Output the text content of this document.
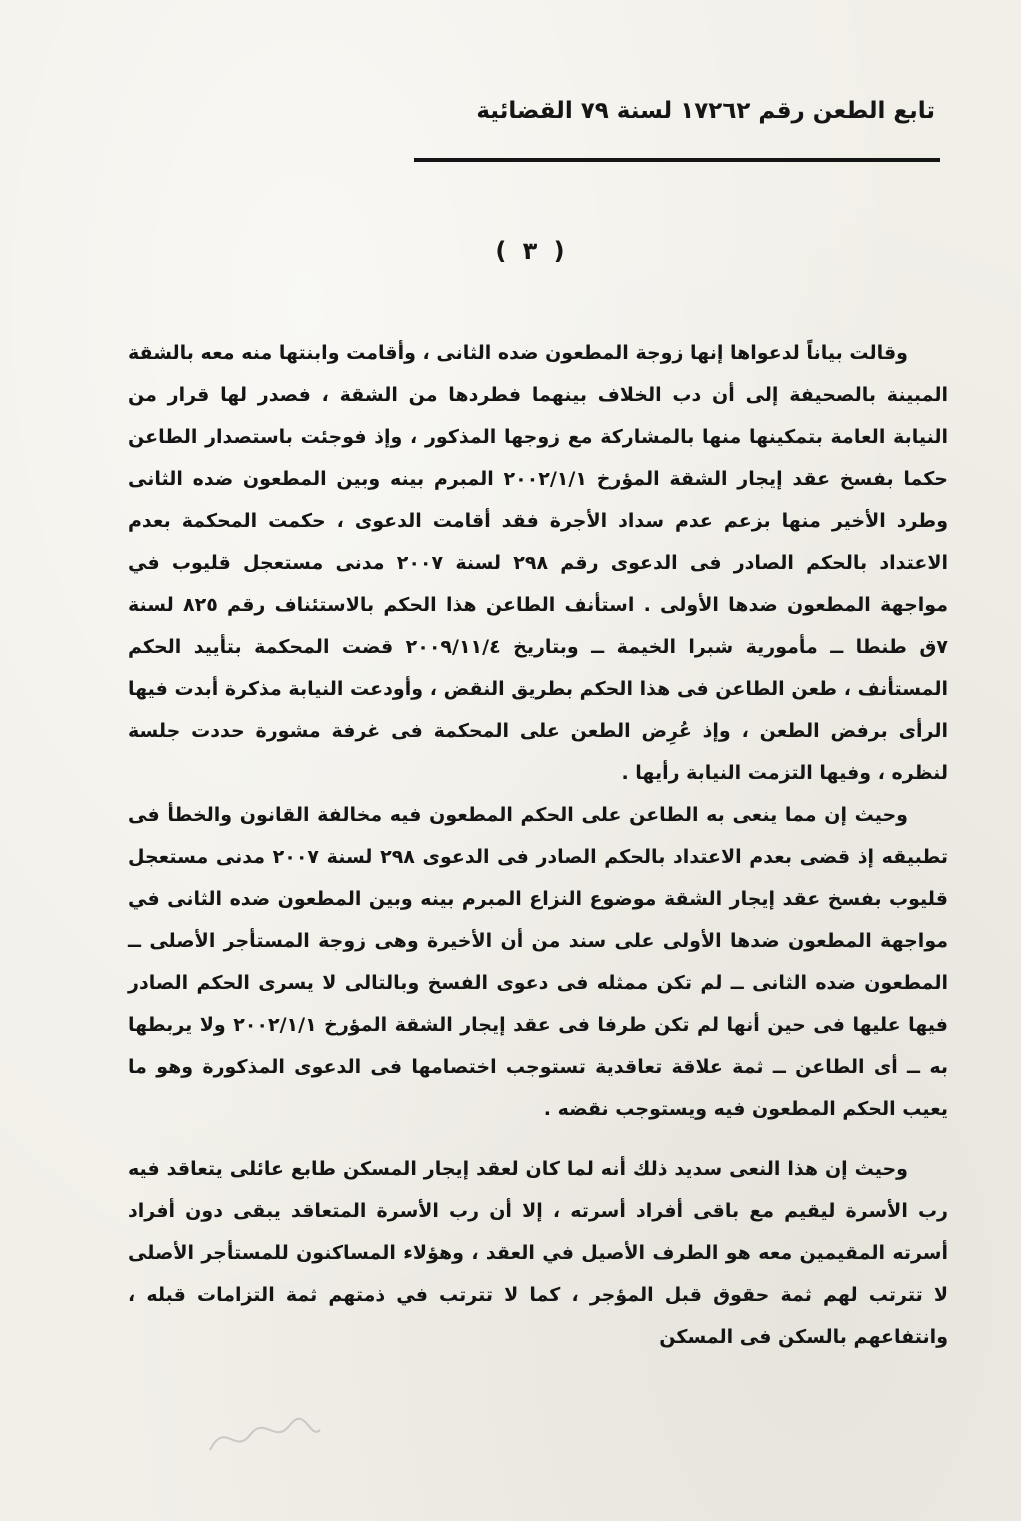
تابع الطعن رقم ١٧٢٦٢ لسنة ٧٩ القضائية
( ٣ )

وقالت بياناً لدعواها إنها زوجة المطعون ضده الثانى ، وأقامت وابنتها منه معه بالشقة المبينة بالصحيفة إلى أن دب الخلاف بينهما فطردها من الشقة ، فصدر لها قرار من النيابة العامة بتمكينها منها بالمشاركة مع زوجها المذكور ، وإذ فوجئت باستصدار الطاعن حكما بفسخ عقد إيجار الشقة المؤرخ ٢٠٠٢/١/١ المبرم بينه وبين المطعون ضده الثانى وطرد الأخير منها بزعم عدم سداد الأجرة فقد أقامت الدعوى ، حكمت المحكمة بعدم الاعتداد بالحكم الصادر فى الدعوى رقم ٢٩٨ لسنة ٢٠٠٧ مدنى مستعجل قليوب في مواجهة المطعون ضدها الأولى . استأنف الطاعن هذا الحكم بالاستئناف رقم ٨٢٥ لسنة ٧ق طنطا ــ مأمورية شبرا الخيمة ــ وبتاريخ ٢٠٠٩/١١/٤ قضت المحكمة بتأييد الحكم المستأنف ، طعن الطاعن فى هذا الحكم بطريق النقض ، وأودعت النيابة مذكرة أبدت فيها الرأى برفض الطعن ، وإذ عُرِض الطعن على المحكمة فى غرفة مشورة حددت جلسة لنظره ، وفيها التزمت النيابة رأيها .

وحيث إن مما ينعى به الطاعن على الحكم المطعون فيه مخالفة القانون والخطأ فى تطبيقه إذ قضى بعدم الاعتداد بالحكم الصادر فى الدعوى ٢٩٨ لسنة ٢٠٠٧ مدنى مستعجل قليوب بفسخ عقد إيجار الشقة موضوع النزاع المبرم بينه وبين المطعون ضده الثانى في مواجهة المطعون ضدها الأولى على سند من أن الأخيرة وهى زوجة المستأجر الأصلى ــ المطعون ضده الثانى ــ لم تكن ممثله فى دعوى الفسخ وبالتالى لا يسرى الحكم الصادر فيها عليها فى حين أنها لم تكن طرفا فى عقد إيجار الشقة المؤرخ ٢٠٠٢/١/١ ولا يربطها به ــ أى الطاعن ــ ثمة علاقة تعاقدية تستوجب اختصامها فى الدعوى المذكورة وهو ما يعيب الحكم المطعون فيه ويستوجب نقضه .

وحيث إن هذا النعى سديد ذلك أنه لما كان لعقد إيجار المسكن طابع عائلى يتعاقد فيه رب الأسرة ليقيم مع باقى أفراد أسرته ، إلا أن رب الأسرة المتعاقد يبقى دون أفراد أسرته المقيمين معه هو الطرف الأصيل في العقد ، وهؤلاء المساكنون للمستأجر الأصلى لا تترتب لهم ثمة حقوق قبل المؤجر ، كما لا تترتب في ذمتهم ثمة التزامات قبله ، وانتفاعهم بالسكن فى المسكن
